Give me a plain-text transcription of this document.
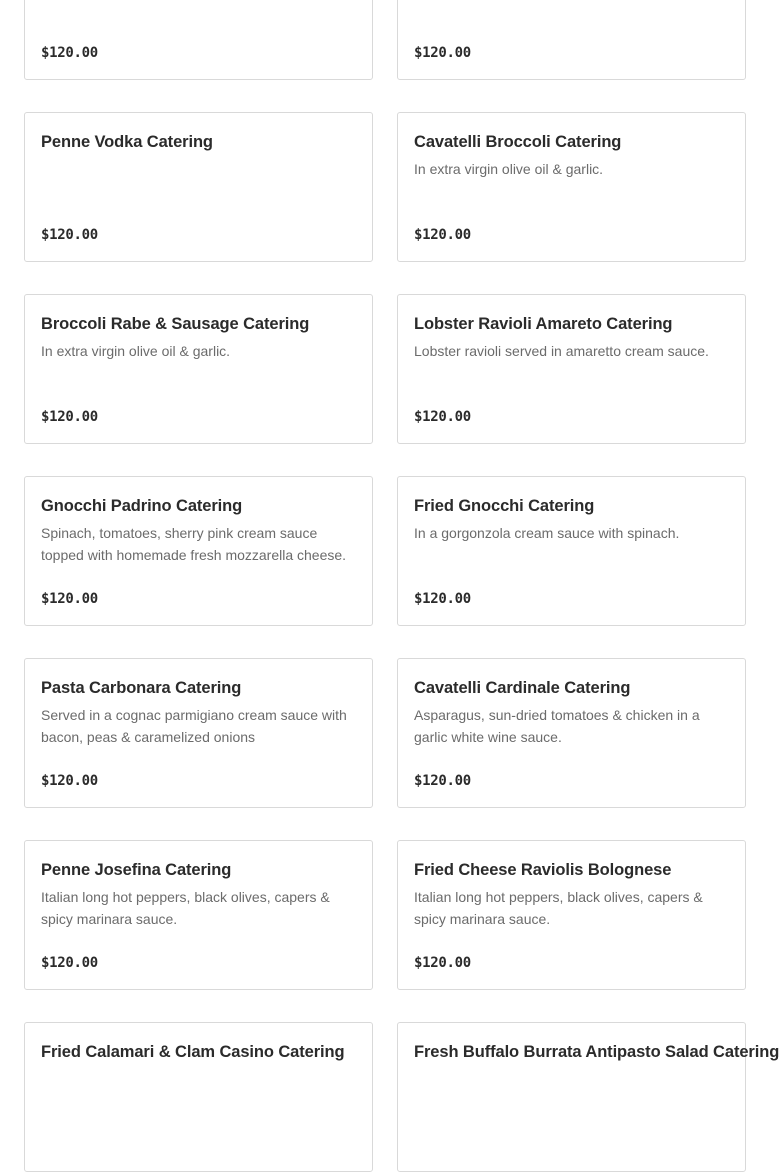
$120.00	$120.00
Penne Vodka Catering
$120.00
Cavatelli Broccoli Catering
In extra virgin olive oil & garlic.
$120.00
Broccoli Rabe & Sausage Catering
In extra virgin olive oil & garlic.
$120.00
Lobster Ravioli Amareto Catering
Lobster ravioli served in amaretto cream sauce.
$120.00
Gnocchi Padrino Catering
Spinach, tomatoes, sherry pink cream sauce topped with homemade fresh mozzarella cheese.
$120.00
Fried Gnocchi Catering
In a gorgonzola cream sauce with spinach.
$120.00
Pasta Carbonara Catering
Served in a cognac parmigiano cream sauce with bacon, peas & caramelized onions
$120.00
Cavatelli Cardinale Catering
Asparagus, sun-dried tomatoes & chicken in a garlic white wine sauce.
$120.00
Penne Josefina Catering
Italian long hot peppers, black olives, capers & spicy marinara sauce.
$120.00
Fried Cheese Raviolis Bolognese
Italian long hot peppers, black olives, capers & spicy marinara sauce.
$120.00
Fried Calamari & Clam Casino Catering	Fresh Buffalo Burrata Antipasto Salad Catering
